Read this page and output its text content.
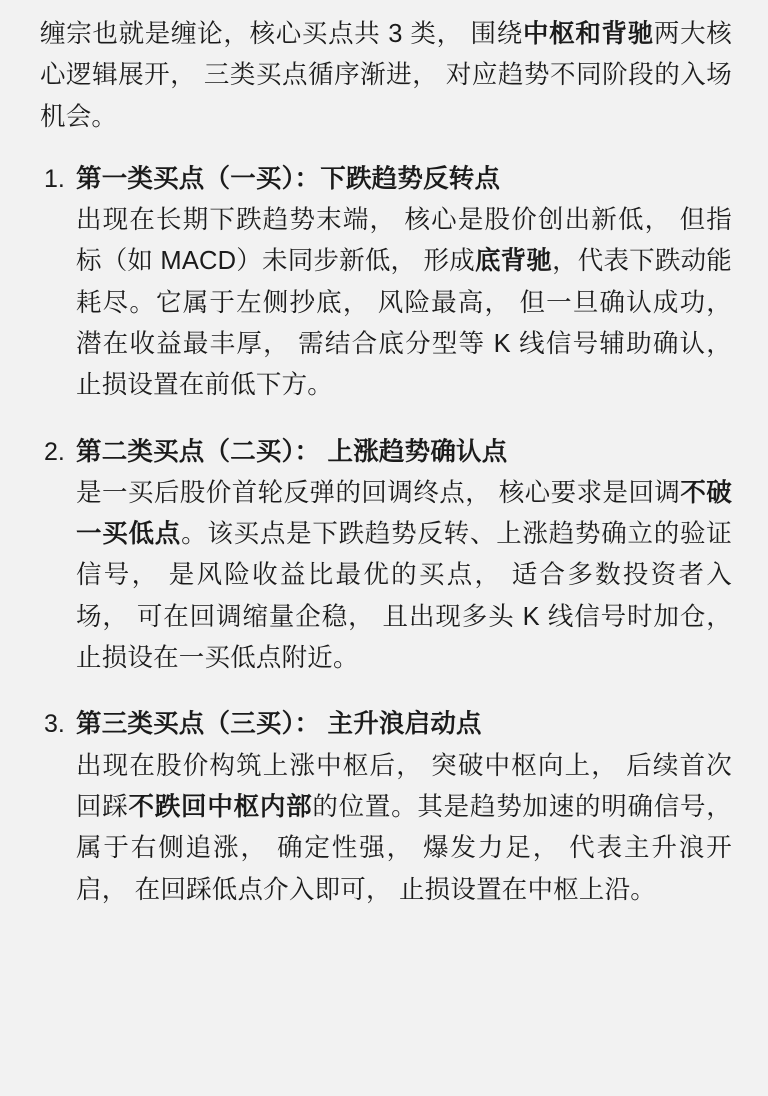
缠宗也就是缠论，核心买点共 3 类， 围绕中枢和背驰两大核心逻辑展开， 三类买点循序渐进， 对应趋势不同阶段的入场机会。

第一类买点（一买）：下跌趋势反转点
出现在长期下跌趋势末端， 核心是股价创出新低， 但指标（如 MACD）未同步新低， 形成底背驰，代表下跌动能耗尽。它属于左侧抄底， 风险最高， 但一旦确认成功， 潜在收益最丰厚， 需结合底分型等 K 线信号辅助确认， 止损设置在前低下方。
第二类买点（二买）： 上涨趋势确认点
是一买后股价首轮反弹的回调终点， 核心要求是回调不破一买低点。该买点是下跌趋势反转、上涨趋势确立的验证信号， 是风险收益比最优的买点， 适合多数投资者入场， 可在回调缩量企稳， 且出现多头 K 线信号时加仓， 止损设在一买低点附近。
第三类买点（三买）： 主升浪启动点
出现在股价构筑上涨中枢后， 突破中枢向上， 后续首次回踩不跌回中枢内部的位置。其是趋势加速的明确信号， 属于右侧追涨， 确定性强， 爆发力足， 代表主升浪开启， 在回踩低点介入即可， 止损设置在中枢上沿。
